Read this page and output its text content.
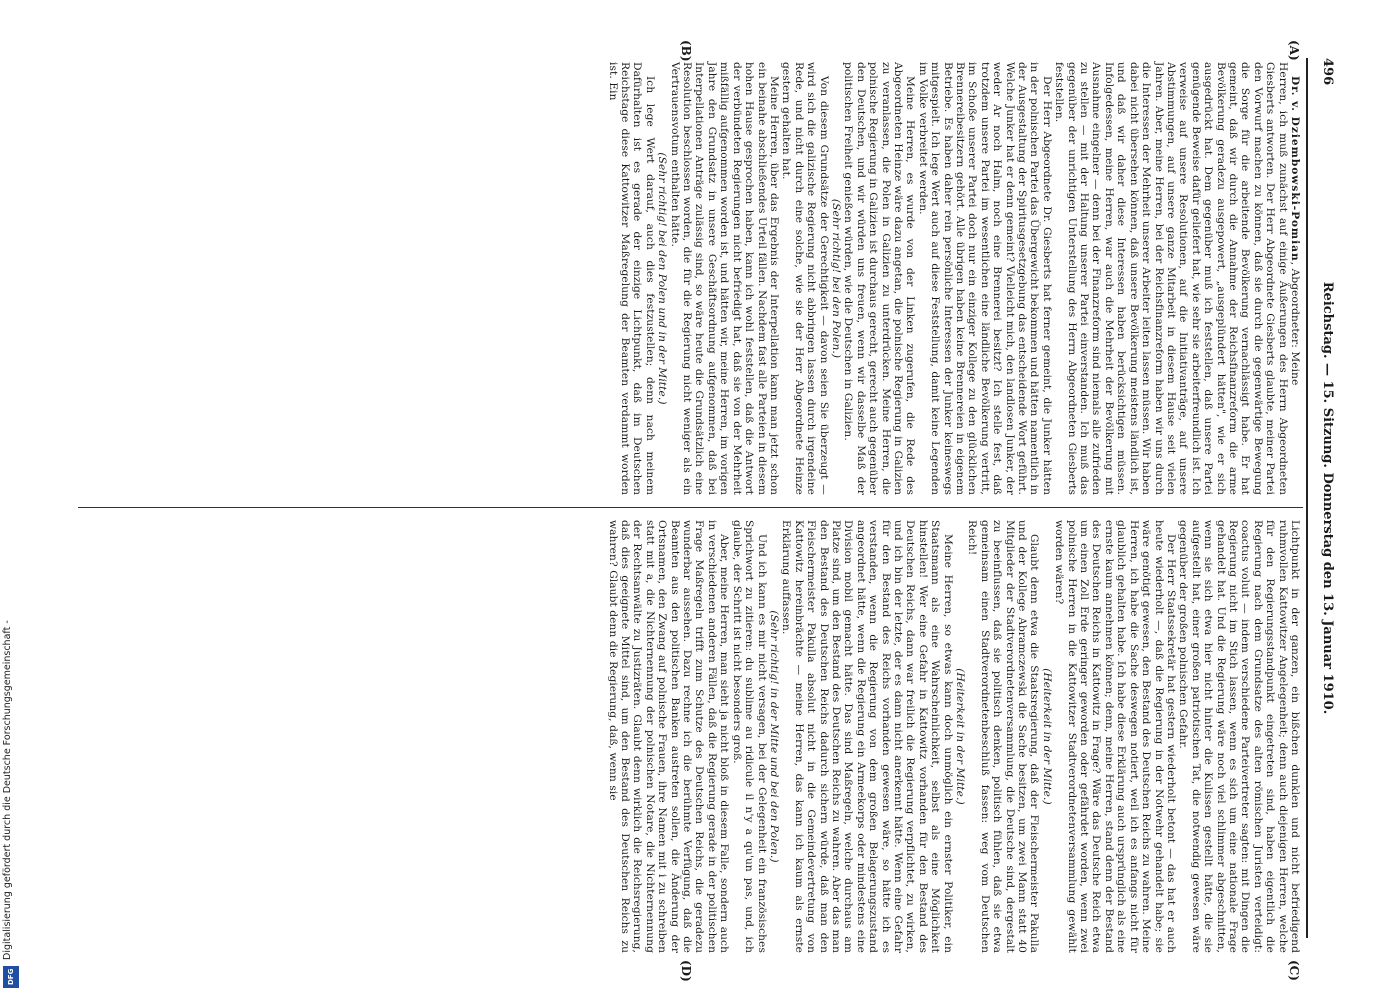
496
Reichstag. — 15. Sitzung. Donnerstag den 13. Januar 1910.
(A)
(B)
(C)
(D)

Dr. v. Dziembowski-Pomian, Abgeordneter: Meine

Herren, ich muß zunächst auf einige Äußerungen des Herrn Abgeordneten Giesberts antworten. Der Herr Abgeordnete Giesberts glaubte, meiner Partei den Vorwurf machen zu können, daß sie durch die gegenwärtige Bewegung die Sorge für die arbeitende Bevölkerung vernachlässigt habe. Er hat gemeint, daß wir durch die Annahme der Reichsfinanzreform die arme Bevölkerung geradezu ausgepowert, „ausgeplündert hätten", wie er sich ausgedrückt hat. Dem gegenüber muß ich feststellen, daß unsere Partei genügende Beweise dafür geliefert hat, wie sehr sie arbeiterfreundlich ist. Ich verweise auf unsere Resolutionen, auf die Initiativanträge, auf unsere Abstimmungen, auf unsere ganze Mitarbeit in diesem Hause seit vielen Jahren. Aber, meine Herren, bei der Reichsfinanzreform haben wir uns durch die Interessen der Mehrheit unserer Arbeiter leiten lassen müssen. Wir haben dabei nicht übersehen können, daß unsere Bevölkerung meistens ländlich ist, und daß wir daher diese Interessen haben berücksichtigen müssen. Infolgedessen, meine Herren, war auch die Mehrheit der Bevölkerung mit Ausnahme eingelner — denn bei der Finanzreform sind niemals alle zufrieden zu stellen — mit der Haltung unserer Partei einverstanden. Ich muß das gegenüber der unrichtigen Unterstellung des Herrn Abgeordneten Giesberts feststellen.

Der Herr Abgeordnete Dr. Giesberts hat ferner gemeint, die Junker hätten in der polnischen Partei das Übergewicht bekommen und hätten namentlich in der Ausgestaltung der Spiritusgesetzgebung das entscheidende Wort geführt. Welche Junker hat er denn gemeint? Vielleicht mich, den landlosen Junker, der weder Ar noch Halm, noch eine Brennerei besitzt? Ich stelle fest, daß trotzdem unsere Partei im wesentlichen eine ländliche Bevölkerung vertritt, im Schoße unserer Partei doch nur ein einziger Kollege zu den glücklichen Brennereibesitzern gehört. Alle übrigen haben keine Brennereien in eigenem Betriebe. Es haben daher rein persönliche Interessen der Junker keineswegs mitgespielt. Ich lege Wert auch auf diese Feststellung, damit keine Legenden im Volke verbreitet werden.

Meine Herren, es wurde von der Linken zugerufen, die Rede des Abgeordneten Heinze wäre dazu angetan, die polnische Regierung in Galizien zu veranlassen, die Polen in Galizien zu unterdrücken. Meine Herren, die polnische Regierung in Galizien ist durchaus gerecht, gerecht auch gegenüber den Deutschen, und wir würden uns freuen, wenn wir dasselbe Maß der politischen Freiheit genießen würden, wie die Deutschen in Galizien.

(Sehr richtig! bei den Polen.)

Von diesem Grundsätze der Gerechtigkeit — davon seien Sie überzeugt — wird sich die galizische Regierung nicht abbringen lassen durch irgendeine Rede, und nicht durch eine solche, wie sie der Herr Abgeordnete Heinze gestern gehalten hat.

Meine Herren, über das Ergebnis der Interpellation kann man jetzt schon ein beinahe abschließendes Urteil fällen. Nachdem fast alle Parteien in diesem hohen Hause gesprochen haben, kann ich wohl feststellen, daß die Antwort der verbündeten Regierungen nicht befriedigt hat, daß sie von der Mehrheit mißfällig aufgenommen worden ist, und hätten wir, meine Herren, im vorigen Jahre den Grundsatz in unsere Geschäftsordnung aufgenommen, daß bei Interpellationen Anträge zulässig sind, so wäre heute die Grundsätzlich eine Resolution beschlossen worden, die für die Regierung nicht weniger als ein Vertrauensvotum enthalten hätte.

(Sehr richtig! bei den Polen und in der Mitte.)

Ich lege Wert darauf, auch dies festzustellen; denn nach meinem Dafürhalten ist es gerade der einzige Lichtpunkt, daß im Deutschen Reichstage diese Kattowitzer Maßregelung der Beamten verdammt worden ist. Ein

Lichtpunkt in der ganzen, ein bißchen dunklen und nicht befriedigend ruhmvollen Kattowitzer Angelegenheit; denn auch diejenigen Herren, welche für den Regierungsstandpunkt eingetreten sind, haben eigentlich die Regierung nach dem Grundsatze des alten römischen Juristen verteidigt: coactus voluit — indem verschiedene Parteivertreter sagten: mit Dingen die Regierung nicht im Stich lassen, wenn es sich um eine nationale Frage gehandelt hat. Und die Regierung wäre noch viel schlimmer abgeschnitten, wenn sie sich etwa hier nicht hinter die Kulissen gestellt hätte, die sie aufgestellt hat, einer großen patriotischen Tat, die notwendig gewesen wäre gegenüber der großen polnischen Gefahr.

Der Herr Staatssekretär hat gestern wiederholt betont — das hat er auch heute wiederholt —, daß die Regierung in der Notwehr gehandelt habe; sie wäre genötigt gewesen, den Bestand des Deutschen Reichs zu wahren. Meine Herren, ich habe die Sache deswegen notiert, weil ich es anfangs nicht für glaublich gehalten habe. Ich habe diese Erklärung auch ursprünglich als eine ernste kaum annehmen können; denn, meine Herren, stand denn der Bestand des Deutschen Reichs in Kattowitz in Frage? Wäre das Deutsche Reich etwa um einen Zoll Erde geringer geworden oder gefährdet worden, wenn zwei polnische Herren in die Kattowitzer Stadtverordnetenversammlung gewählt worden wären?

(Heiterkeit in der Mitte.)

Glaubt denn etwa die Staatsregierung, daß der Fleischermeister Pakulla und der Kollege Abramczewski die Sache besitzen, um zwei Mann statt 40 Mitglieder der Stadtverordnetenversammlung, die Deutsche sind, dergestalt zu beeinflussen, daß sie politisch denken, politisch fühlen, daß sie etwa gemeinsam einen Stadtverordnetenbeschluß fassen: weg vom Deutschen Reich!

(Heiterkeit in der Mitte.)

Meine Herren, so etwas kann doch unmöglich ein ernster Politiker, ein Staatsmann als eine Wahrscheinlichkeit, selbst als eine Möglichkeit hinstellen! Wer eine Gefahr in Kattowitz vorhanden für den Bestand des Deutschen Reichs, dann war freilich die Regierung verpflichtet, zu wirken, und ich bin der letzte, der es dann nicht anerkennt hätte. Wenn eine Gefahr für den Bestand des Reichs vorhanden gewesen wäre, so hätte ich es verstanden, wenn die Regierung von dem großen Belagerungszustand angeordnet hätte, wenn die Regierung ein Armeekorps oder mindestens eine Division mobil gemacht hätte. Das sind Maßregeln, welche durchaus am Platze sind, um den Bestand des Deutschen Reichs zu wahren. Aber das man den Bestand des Deutschen Reichs dadurch sichern würde, daß man den Fleischermeister Pakulla absolut nicht in die Gemeindevertretung von Kattowitz hereinbrächte — meine Herren, das kann ich kaum als ernste Erklärung auffassen.

(Sehr richtig! in der Mitte und bei den Polen.)

Und ich kann es mir nicht versagen, bei der Gelegenheit ein französisches Sprichwort zu zitieren: du sublime au ridicule il n'y a qu'un pas, und, ich glaube, der Schritt ist nicht besonders groß.

Aber, meine Herren, man sieht ja nicht bloß in diesem Falle, sondern auch in verschiedenen anderen Fällen, daß die Regierung gerade in der politischen Frage Maßregeln trifft zum Schutze des Deutschen Reichs, die geradezu wunderbar aussehen. Dazu rechne ich die berühmte Verfügung, daß die Beamten aus den politischen Banken austreten sollen, die Änderung der Ortsnamen, den Zwang auf polnische Frauen, ihre Namen mit i zu schreiben statt mit a, die Nichternennung der polnischen Notare, die Nichternennung der Rechtsanwälte zu Justizräten. Glaubt denn wirklich die Reichsregierung, daß dies geeignete Mittel sind, um den Bestand des Deutschen Reichs zu wahren? Glaubt denn die Regierung, daß, wenn sie

Digitalisierung gefördert durch die Deutsche Forschungsgemeinschaft -
DFG
